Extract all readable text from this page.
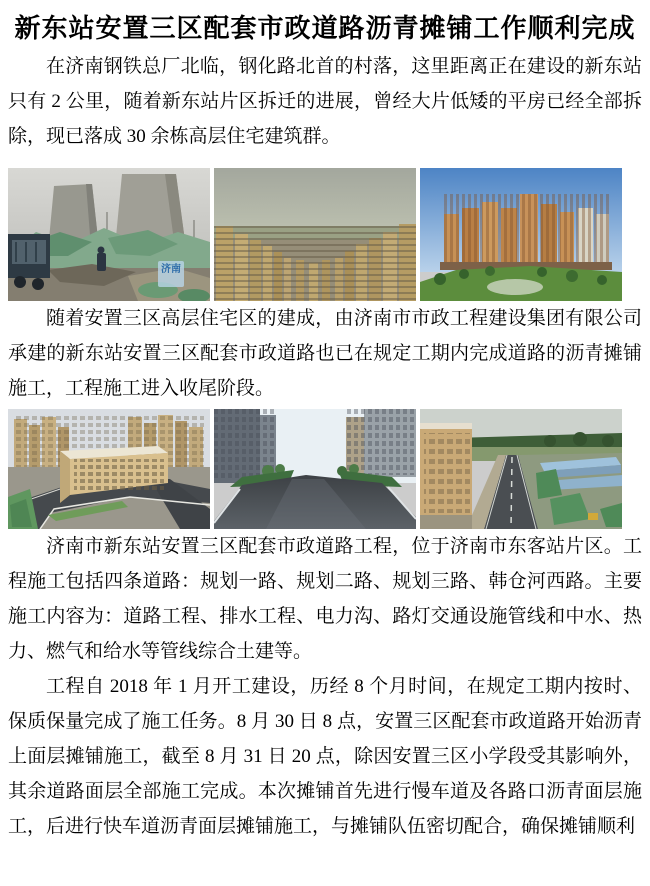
新东站安置三区配套市政道路沥青摊铺工作顺利完成

在济南钢铁总厂北临，钢化路北首的村落，这里距离正在建设的新东站只有 2 公里，随着新东站片区拆迁的进展，曾经大片低矮的平房已经全部拆除，现已落成 30 余栋高层住宅建筑群。

济南

随着安置三区高层住宅区的建成，由济南市市政工程建设集团有限公司承建的新东站安置三区配套市政道路也已在规定工期内完成道路的沥青摊铺施工，工程施工进入收尾阶段。

济南市新东站安置三区配套市政道路工程，位于济南市东客站片区。工程施工包括四条道路：规划一路、规划二路、规划三路、韩仓河西路。主要施工内容为：道路工程、排水工程、电力沟、路灯交通设施管线和中水、热力、燃气和给水等管线综合土建等。

工程自 2018 年 1 月开工建设，历经 8 个月时间，在规定工期内按时、保质保量完成了施工任务。8 月 30 日 8 点，安置三区配套市政道路开始沥青上面层摊铺施工，截至 8 月 31 日 20 点，除因安置三区小学段受其影响外，其余道路面层全部施工完成。本次摊铺首先进行慢车道及各路口沥青面层施工，后进行快车道沥青面层摊铺施工，与摊铺队伍密切配合，确保摊铺顺利
